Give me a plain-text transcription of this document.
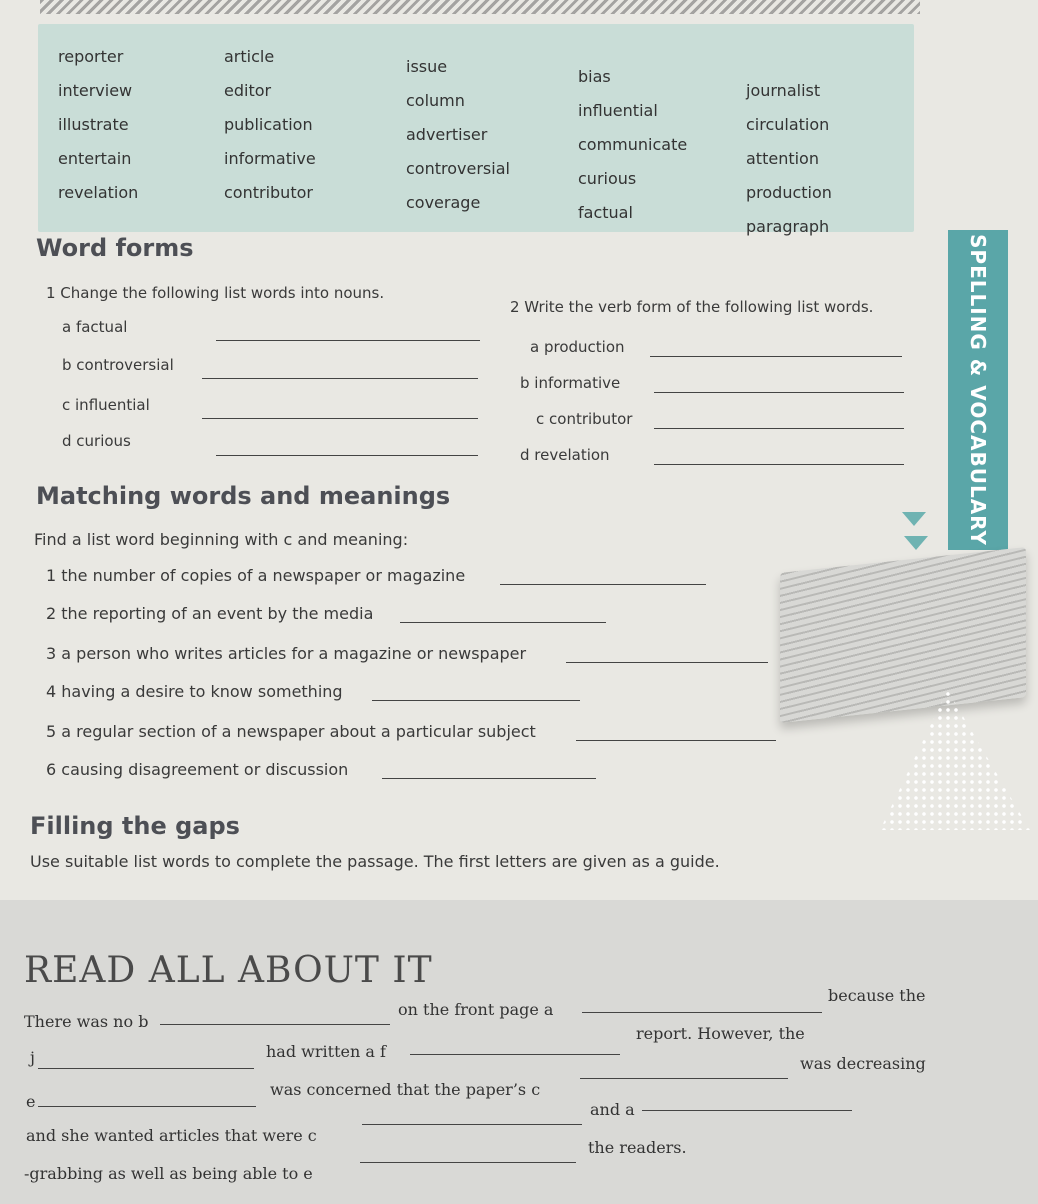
reporter
interview
illustrate
entertain
revelation
article
editor
publication
informative
contributor
issue
column
advertiser
controversial
coverage
bias
influential
communicate
curious
factual
journalist
circulation
attention
production
paragraph
Word forms
1 Change the following list words into nouns.
a factual
b controversial
c influential
d curious
2 Write the verb form of the following list words.
a production
b informative
c contributor
d revelation	SPELLING & VOCABULARY
Matching words and meanings
Find a list word beginning with c and meaning:
1 the number of copies of a newspaper or magazine
2 the reporting of an event by the media
3 a person who writes articles for a magazine or newspaper
4 having a desire to know something
5 a regular section of a newspaper about a particular subject
6 causing disagreement or discussion
Filling the gaps
Use suitable list words to complete the passage. The first letters are given as a guide.
READ ALL ABOUT IT
There was no b
on the front page a
because the
j	had written a f
report. However, the
e
was concerned that the paper’s c
was decreasing
and she wanted articles that were c
and a
-grabbing as well as being able to e
the readers.
